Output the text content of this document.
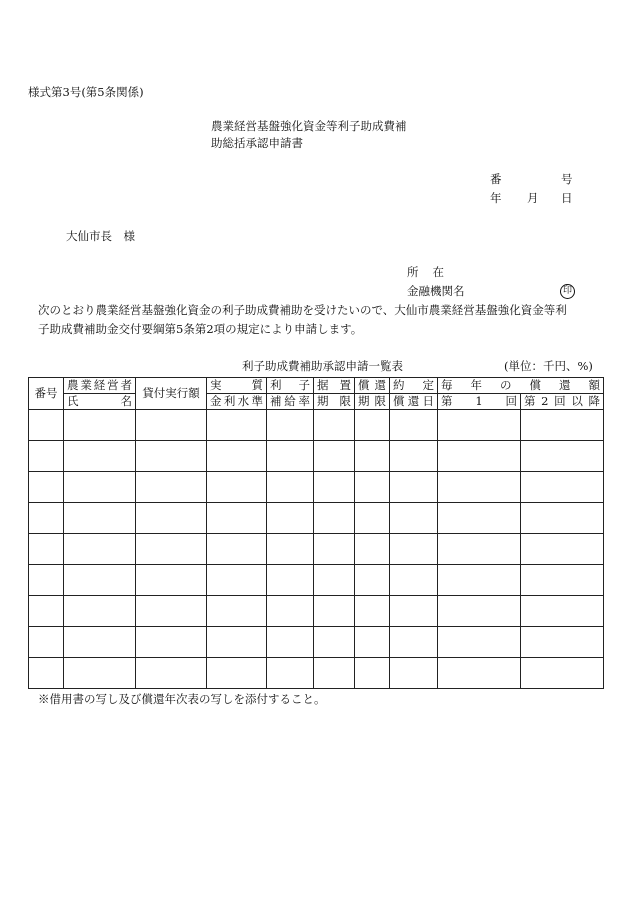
様式第3号(第5条関係)
農業経営基盤強化資金等利子助成費補
助総括承認申請書
番	号
年 月 日
大仙市長　様
所在
金融機関名	印
次のとおり農業経営基盤強化資金の利子助成費補助を受けたいので、大仙市農業経営基盤強化資金等利
子助成費補助金交付要綱第5条第2項の規定により申請します。
利子助成費補助承認申請一覧表	(単位：千円、%)
番号	農業経営者	貸付実行額	実質	利子	据置	償還	約定	毎年の償還額	
	氏名		金利水準	補給率	期限	期限	償還日	第1回	第2回以降

※借用書の写し及び償還年次表の写しを添付すること。
